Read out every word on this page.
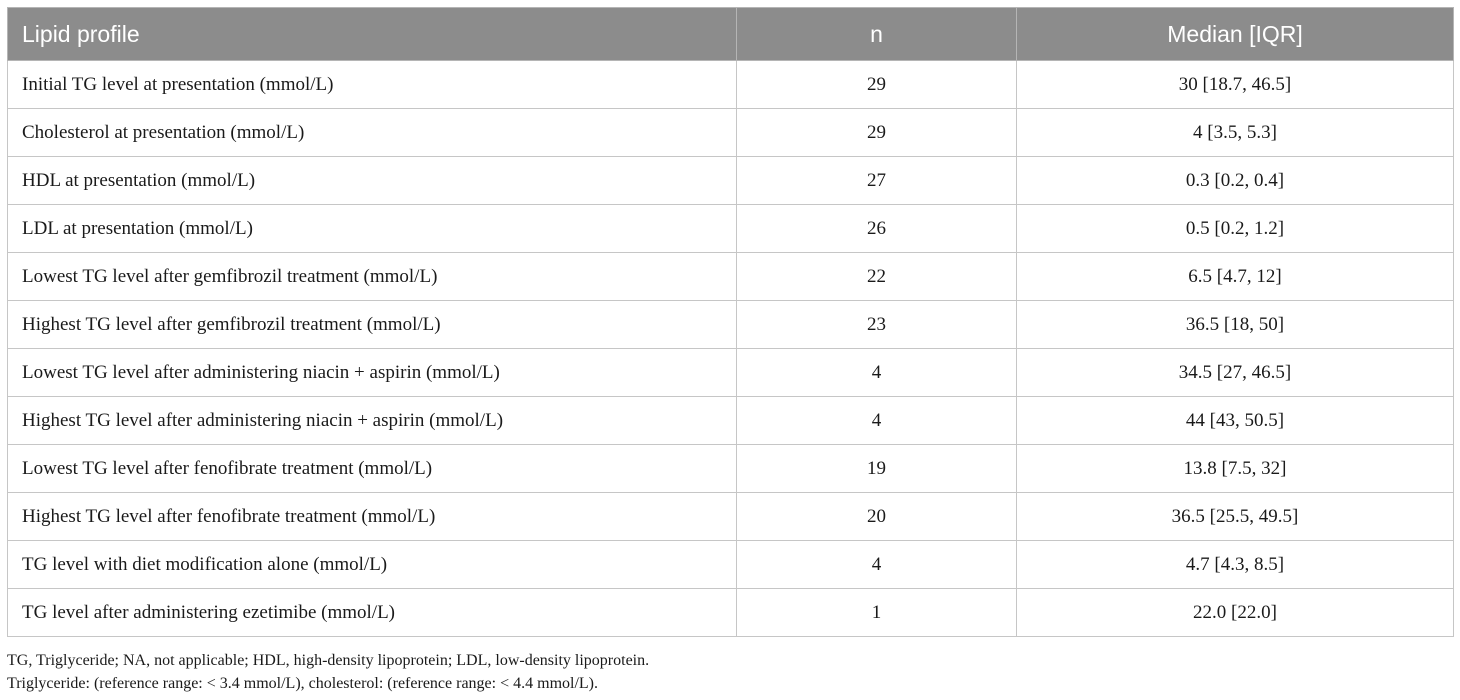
Lipid profile	n	Median [IQR]
Initial TG level at presentation (mmol/L)	29	30 [18.7, 46.5]
Cholesterol at presentation (mmol/L)	29	4 [3.5, 5.3]
HDL at presentation (mmol/L)	27	0.3 [0.2, 0.4]
LDL at presentation (mmol/L)	26	0.5 [0.2, 1.2]
Lowest TG level after gemfibrozil treatment (mmol/L)	22	6.5 [4.7, 12]
Highest TG level after gemfibrozil treatment (mmol/L)	23	36.5 [18, 50]
Lowest TG level after administering niacin + aspirin (mmol/L)	4	34.5 [27, 46.5]
Highest TG level after administering niacin + aspirin (mmol/L)	4	44 [43, 50.5]
Lowest TG level after fenofibrate treatment (mmol/L)	19	13.8 [7.5, 32]
Highest TG level after fenofibrate treatment (mmol/L)	20	36.5 [25.5, 49.5]
TG level with diet modification alone (mmol/L)	4	4.7 [4.3, 8.5]
TG level after administering ezetimibe (mmol/L)	1	22.0 [22.0]
TG, Triglyceride; NA, not applicable; HDL, high-density lipoprotein; LDL, low-density lipoprotein.
Triglyceride: (reference range: < 3.4 mmol/L), cholesterol: (reference range: < 4.4 mmol/L).
